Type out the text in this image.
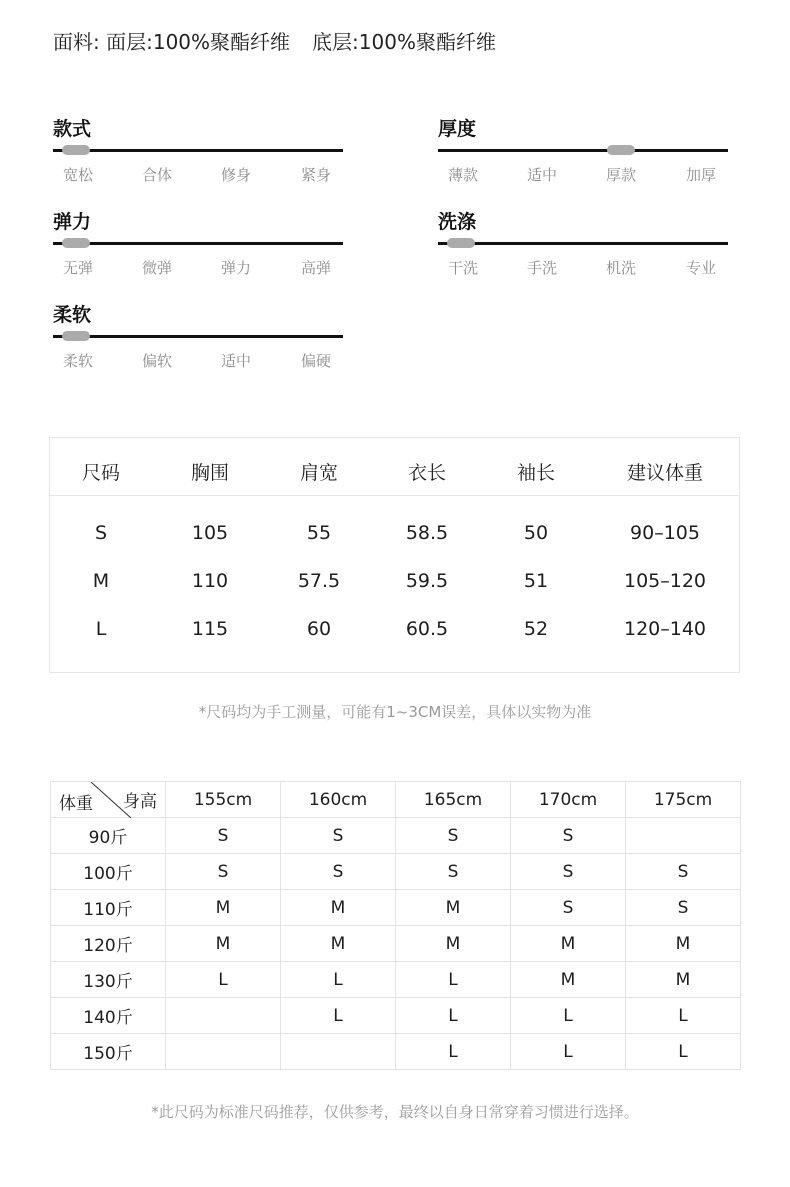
面料: 面层:100%聚酯纤维 底层:100%聚酯纤维
款式
宽松	合体	修身	紧身
厚度
薄款	适中	厚款	加厚
弹力
无弹	微弹	弹力	高弹
洗涤
干洗	手洗	机洗	专业
柔软
柔软	偏软	适中	偏硬
尺码	胸围	肩宽	衣长	袖长	建议体重
S	105	55	58.5	50	90–105
M	110	57.5	59.5	51	105–120
L	115	60	60.5	52	120–140
*尺码均为手工测量，可能有1~3CM误差，具体以实物为准
体重 身高	155cm	160cm	165cm	170cm	175cm
90斤	S	S	S	S	
100斤	S	S	S	S	S
110斤	M	M	M	S	S
120斤	M	M	M	M	M
130斤	L	L	L	M	M
140斤		L	L	L	L
150斤			L	L	L
*此尺码为标准尺码推荐，仅供参考，最终以自身日常穿着习惯进行选择。
